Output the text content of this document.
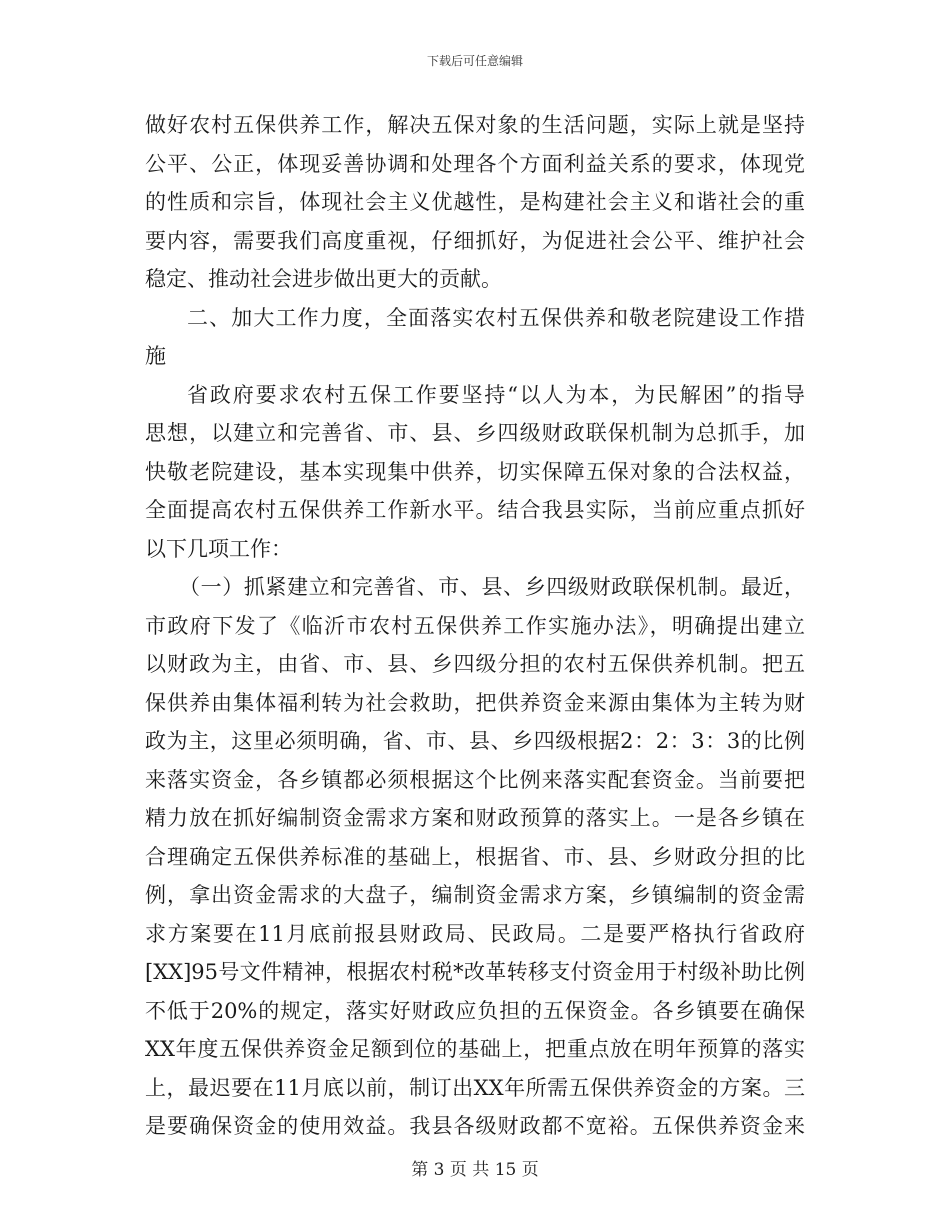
下载后可任意编辑
做好农村五保供养工作，解决五保对象的生活问题，实际上就是坚持
公平、公正，体现妥善协调和处理各个方面利益关系的要求，体现党
的性质和宗旨，体现社会主义优越性，是构建社会主义和谐社会的重
要内容，需要我们高度重视，仔细抓好，为促进社会公平、维护社会
稳定、推动社会进步做出更大的贡献。
二、加大工作力度，全面落实农村五保供养和敬老院建设工作措
施
省政府要求农村五保工作要坚持“以人为本，为民解困”的指导
思想，以建立和完善省、市、县、乡四级财政联保机制为总抓手，加
快敬老院建设，基本实现集中供养，切实保障五保对象的合法权益，
全面提高农村五保供养工作新水平。结合我县实际，当前应重点抓好
以下几项工作：
（一）抓紧建立和完善省、市、县、乡四级财政联保机制。最近，
市政府下发了《临沂市农村五保供养工作实施办法》，明确提出建立
以财政为主，由省、市、县、乡四级分担的农村五保供养机制。把五
保供养由集体福利转为社会救助，把供养资金来源由集体为主转为财
政为主，这里必须明确，省、市、县、乡四级根据2：2：3：3的比例
来落实资金，各乡镇都必须根据这个比例来落实配套资金。当前要把
精力放在抓好编制资金需求方案和财政预算的落实上。一是各乡镇在
合理确定五保供养标准的基础上，根据省、市、县、乡财政分担的比
例，拿出资金需求的大盘子，编制资金需求方案，乡镇编制的资金需
求方案要在11月底前报县财政局、民政局。二是要严格执行省政府
[XX]95号文件精神，根据农村税*改革转移支付资金用于村级补助比例
不低于20%的规定，落实好财政应负担的五保资金。各乡镇要在确保
XX年度五保供养资金足额到位的基础上，把重点放在明年预算的落实
上，最迟要在11月底以前，制订出XX年所需五保供养资金的方案。三
是要确保资金的使用效益。我县各级财政都不宽裕。五保供养资金来
第 3 页 共 15 页
